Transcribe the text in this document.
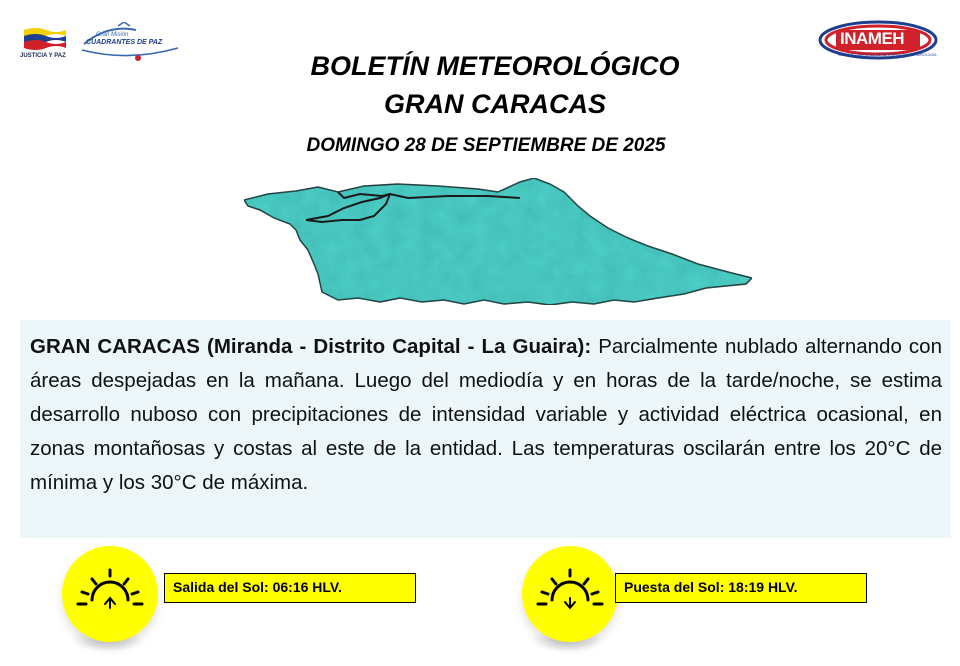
JUSTICIA Y PAZ
Gran Misión
CUADRANTES DE PAZ	INAMEH
INSTITUTO NACIONAL DE METEOROLOGÍA E HIDROLOGÍA
BOLETÍN METEOROLÓGICO
GRAN CARACAS
DOMINGO 28 DE SEPTIEMBRE DE 2025

GRAN CARACAS (Miranda - Distrito Capital - La Guaira): Parcialmente nublado alternando con áreas despejadas en la mañana. Luego del mediodía y en horas de la tarde/noche, se estima desarrollo nuboso con precipitaciones de intensidad variable y actividad eléctrica ocasional, en zonas montañosas y costas al este de la entidad. Las temperaturas oscilarán entre los 20°C de mínima y los 30°C de máxima.

Salida del Sol: 06:16 HLV.	Puesta del Sol: 18:19 HLV.
